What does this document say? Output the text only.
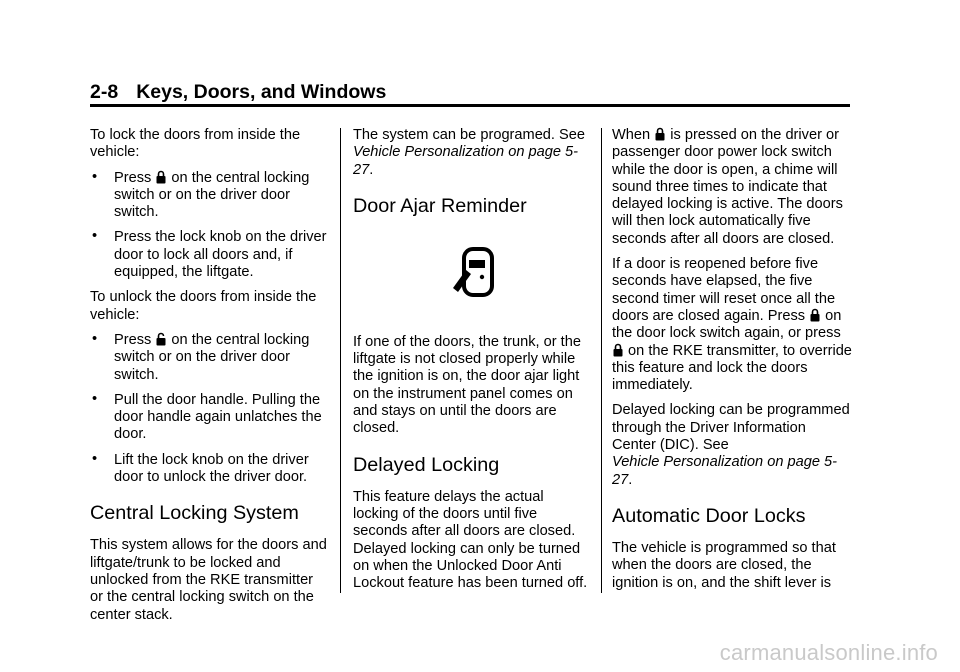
2-8 Keys, Doors, and Windows

To lock the doors from inside the vehicle:

• Press  on the central locking switch or on the driver door switch.
• Press the lock knob on the driver door to lock all doors and, if equipped, the liftgate.

To unlock the doors from inside the vehicle:

• Press  on the central locking switch or on the driver door switch.
• Pull the door handle. Pulling the door handle again unlatches the door.
• Lift the lock knob on the driver door to unlock the driver door.
Central Locking System

This system allows for the doors and liftgate/trunk to be locked and unlocked from the RKE transmitter or the central locking switch on the center stack.

The system can be programed. See
Vehicle Personalization on page 5-27.

Door Ajar Reminder

If one of the doors, the trunk, or the liftgate is not closed properly while the ignition is on, the door ajar light on the instrument panel comes on and stays on until the doors are closed.

Delayed Locking

This feature delays the actual locking of the doors until five seconds after all doors are closed. Delayed locking can only be turned on when the Unlocked Door Anti Lockout feature has been turned off.

When  is pressed on the driver or passenger door power lock switch while the door is open, a chime will sound three times to indicate that delayed locking is active. The doors will then lock automatically five seconds after all doors are closed.

If a door is reopened before five seconds have elapsed, the five second timer will reset once all the doors are closed again. Press  on the door lock switch again, or press  on the RKE transmitter, to override this feature and lock the doors immediately.

Delayed locking can be programmed through the Driver Information Center (DIC). See
Vehicle Personalization on page 5-27.

Automatic Door Locks

The vehicle is programmed so that when the doors are closed, the ignition is on, and the shift lever is

carmanualsonline.info
